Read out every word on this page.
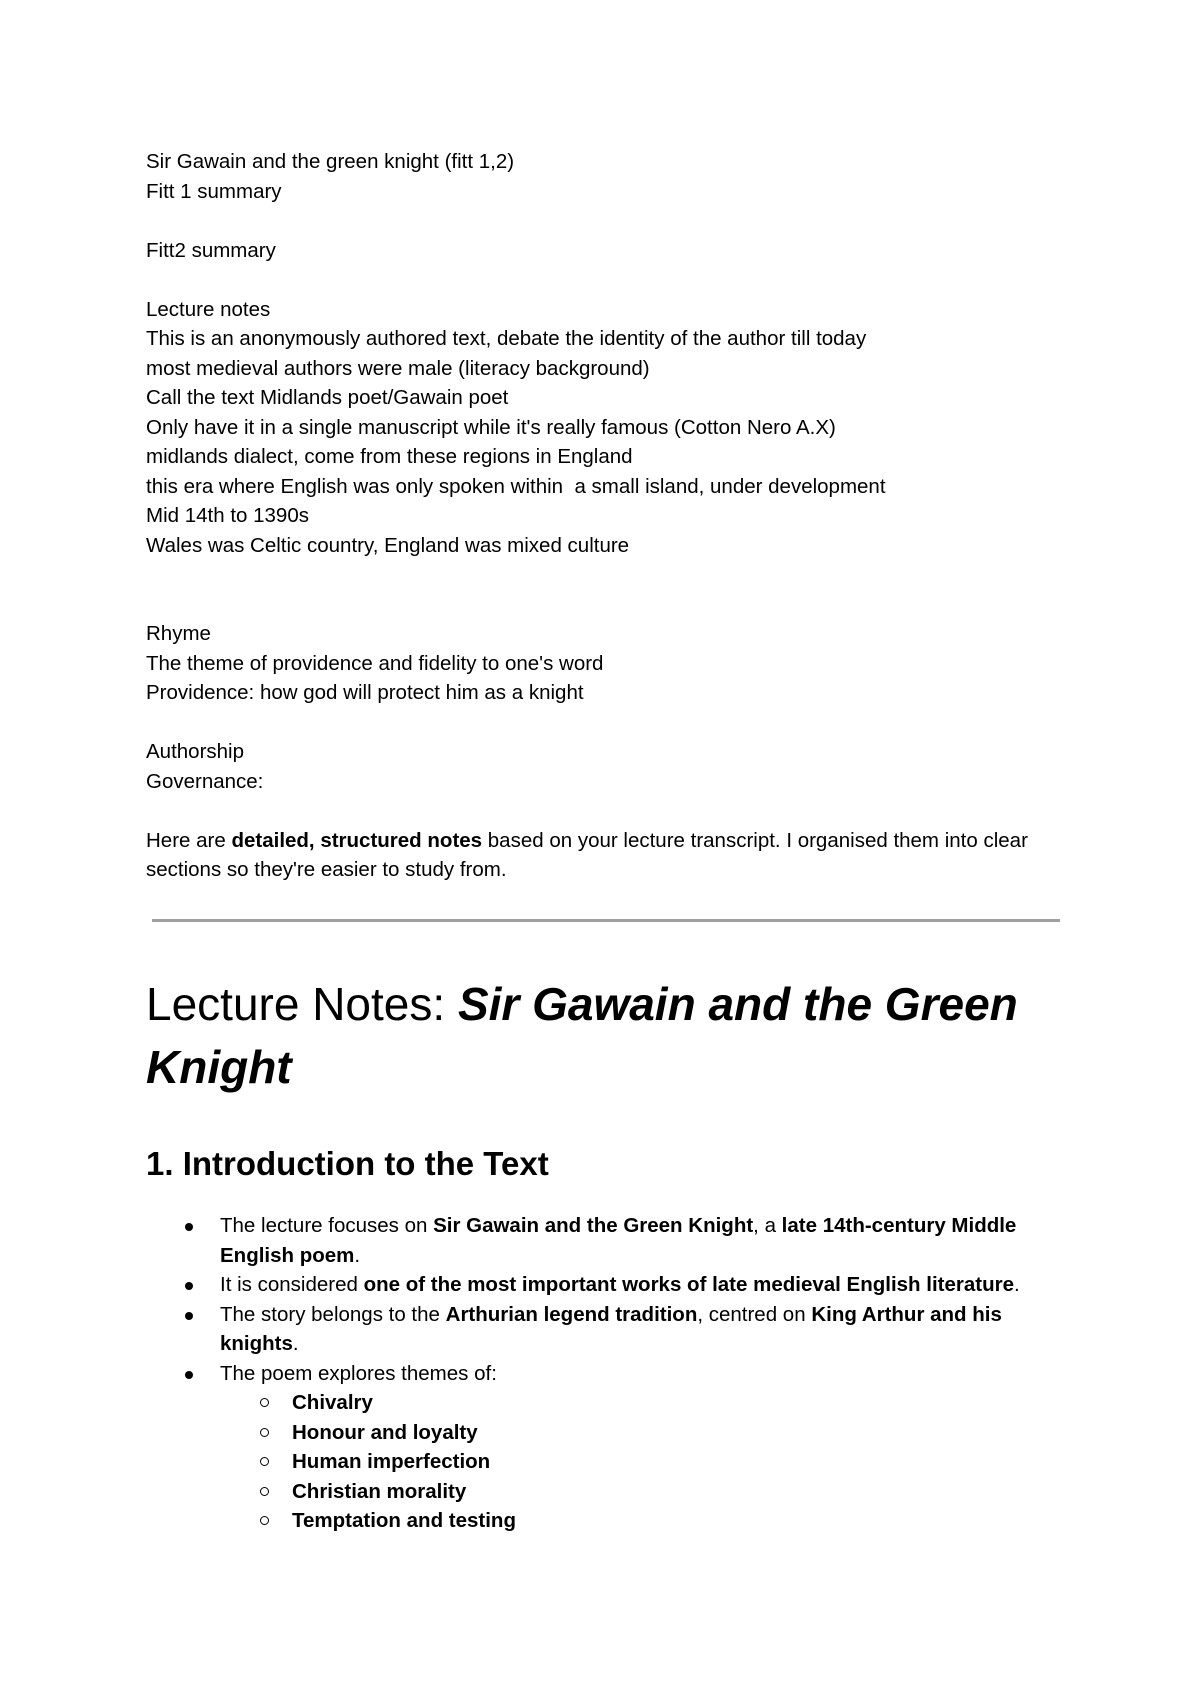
Sir Gawain and the green knight (fitt 1,2)

Fitt 1 summary

Fitt2 summary

Lecture notes

This is an anonymously authored text, debate the identity of the author till today

most medieval authors were male (literacy background)

Call the text Midlands poet/Gawain poet

Only have it in a single manuscript while it's really famous (Cotton Nero A.X)

midlands dialect, come from these regions in England

this era where English was only spoken within  a small island, under development

Mid 14th to 1390s

Wales was Celtic country, England was mixed culture

Rhyme

The theme of providence and fidelity to one's word

Providence: how god will protect him as a knight

Authorship

Governance:

Here are detailed, structured notes based on your lecture transcript. I organised them into clear sections so they're easier to study from.

Lecture Notes: Sir Gawain and the Green Knight
1. Introduction to the Text
The lecture focuses on Sir Gawain and the Green Knight, a late 14th-century Middle English poem.
It is considered one of the most important works of late medieval English literature.
The story belongs to the Arthurian legend tradition, centred on King Arthur and his knights.
The poem explores themes of:
Chivalry
Honour and loyalty
Human imperfection
Christian morality
Temptation and testing
